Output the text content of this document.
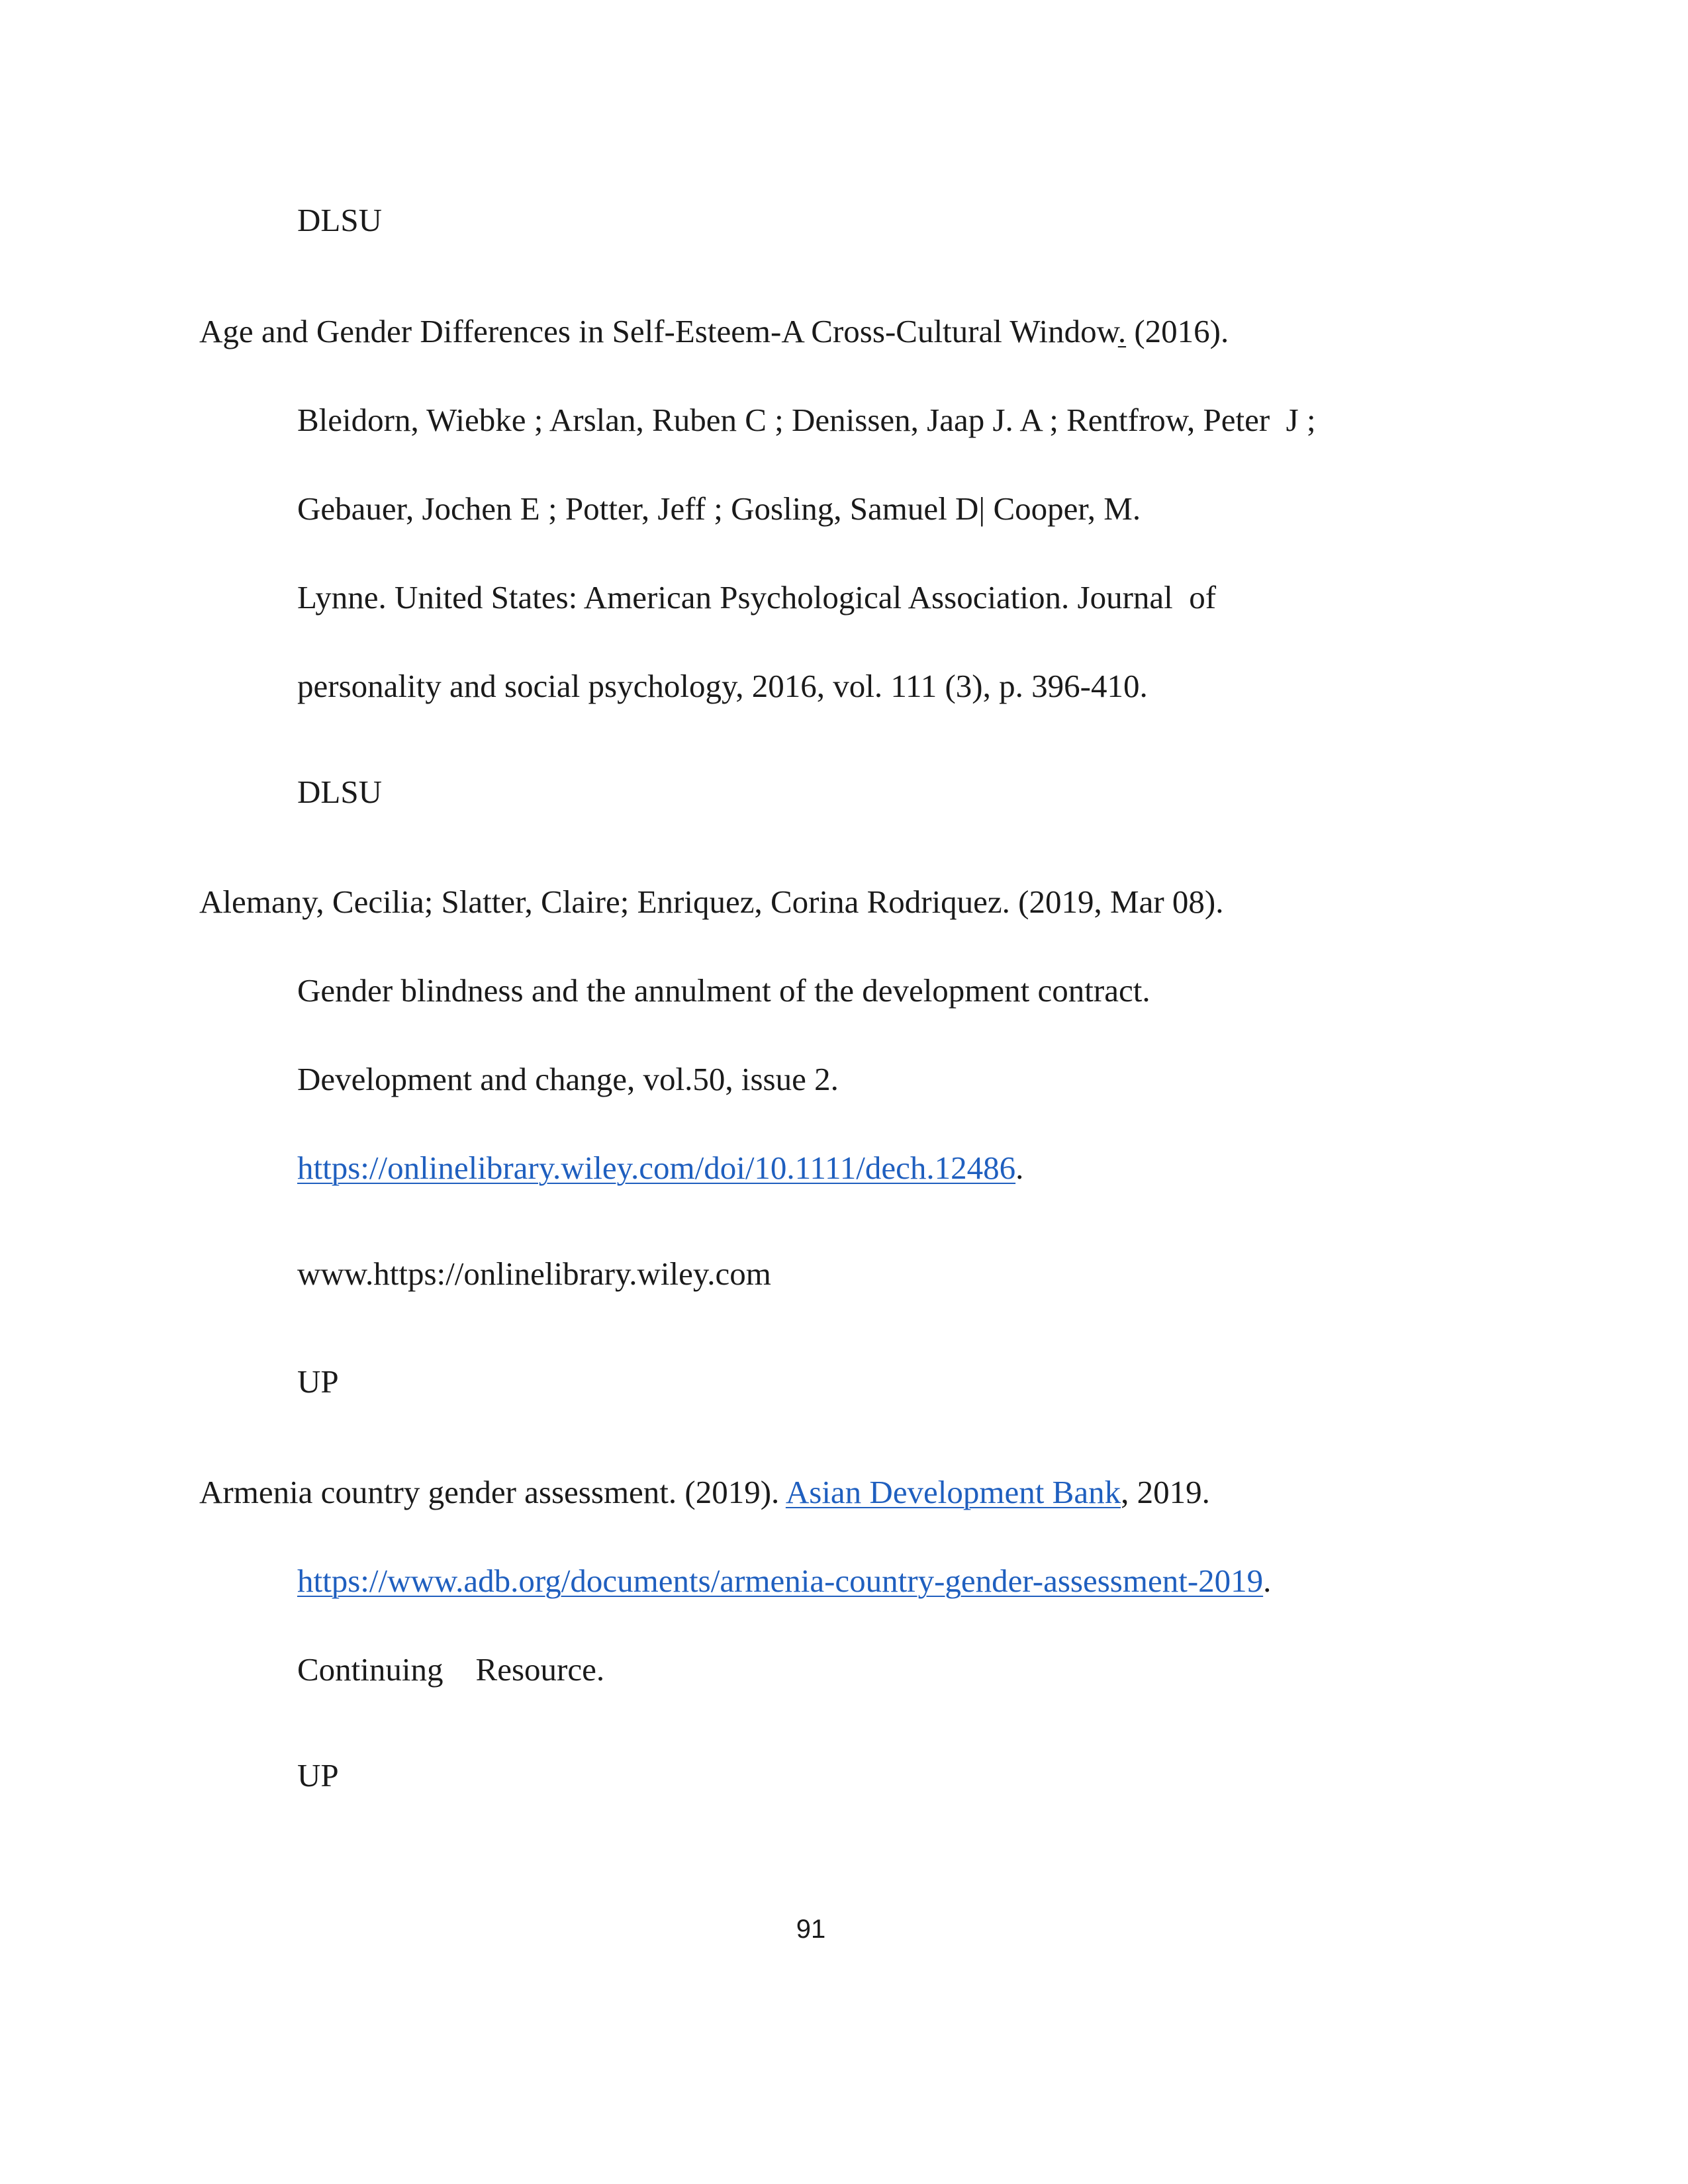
DLSU
Age and Gender Differences in Self-Esteem-A Cross-Cultural Window. (2016).
Bleidorn, Wiebke ; Arslan, Ruben C ; Denissen, Jaap J. A ; Rentfrow, Peter  J ;
Gebauer, Jochen E ; Potter, Jeff ; Gosling, Samuel D| Cooper, M.
Lynne. United States: American Psychological Association. Journal  of
personality and social psychology, 2016, vol. 111 (3), p. 396-410.
DLSU
Alemany, Cecilia; Slatter, Claire; Enriquez, Corina Rodriquez. (2019, Mar 08).
Gender blindness and the annulment of the development contract.
Development and change, vol.50, issue 2.
https://onlinelibrary.wiley.com/doi/10.1111/dech.12486.
www.https://onlinelibrary.wiley.com
UP
Armenia country gender assessment. (2019). Asian Development Bank, 2019.
https://www.adb.org/documents/armenia-country-gender-assessment-2019.
Continuing    Resource.
UP
91
